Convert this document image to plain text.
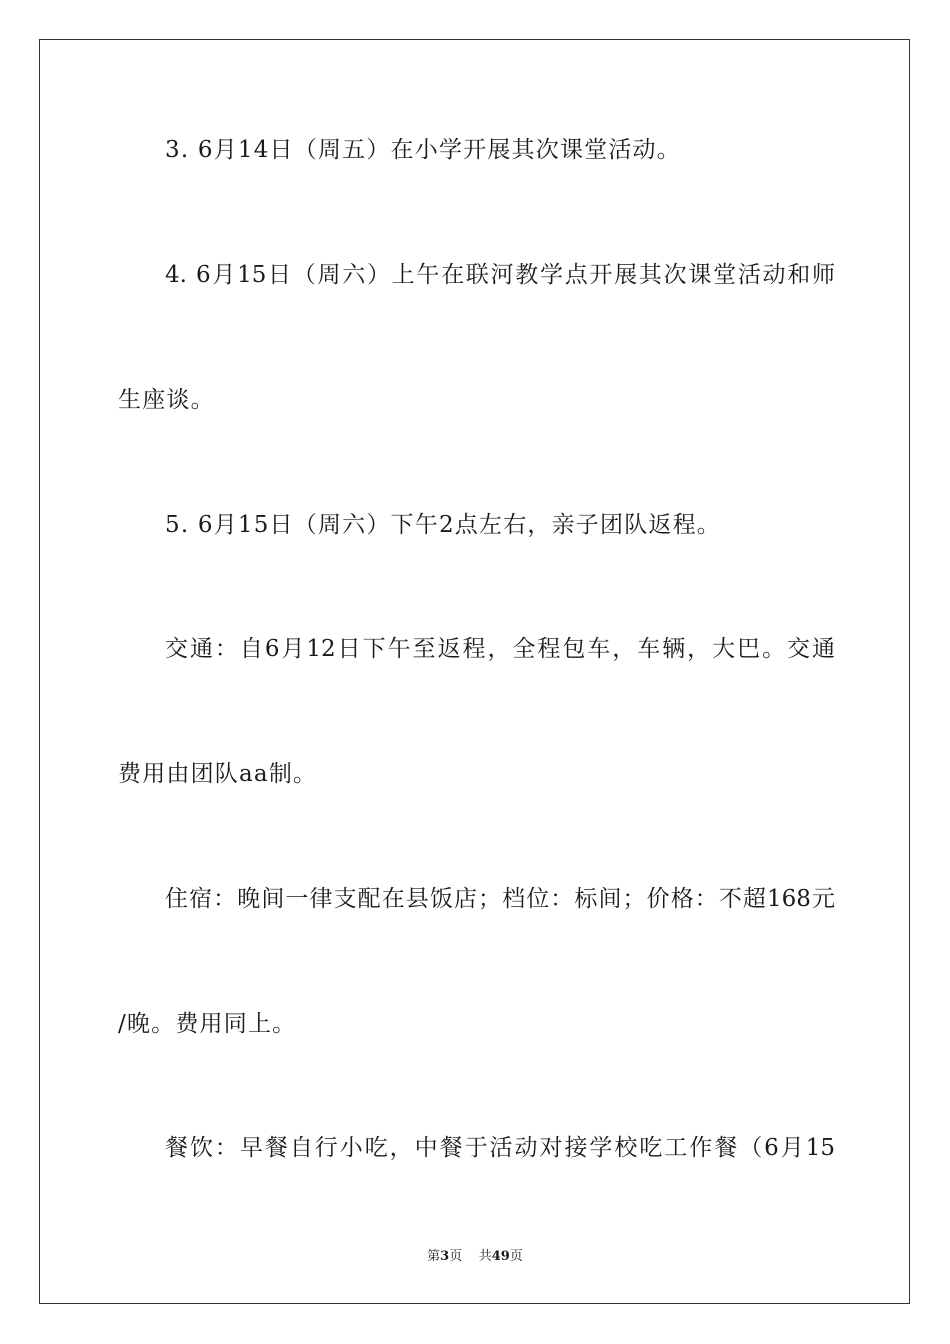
3. 6月14日（周五）在小学开展其次课堂活动。
4. 6月15日（周六）上午在联河教学点开展其次课堂活动和师
生座谈。
5. 6月15日（周六）下午2点左右，亲子团队返程。
交通：自6月12日下午至返程，全程包车，车辆，大巴。交通
费用由团队aa制。
住宿：晚间一律支配在县饭店；档位：标间；价格：不超168元
/晚。费用同上。
餐饮：早餐自行小吃，中餐于活动对接学校吃工作餐（6月15
第3页 共49页
